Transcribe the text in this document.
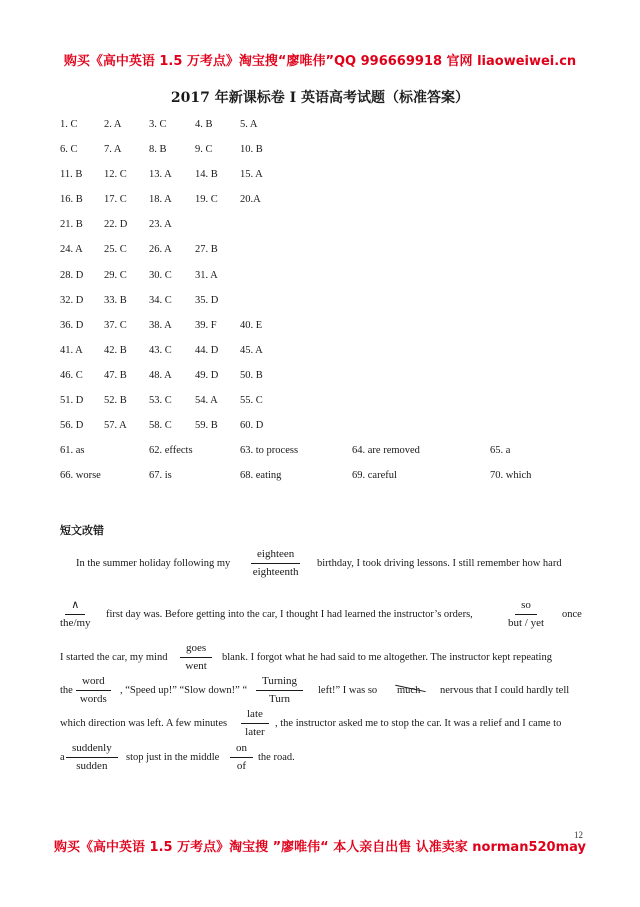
购买《高中英语 1.5 万考点》淘宝搜“廖唯伟”QQ 996669918 官网 liaoweiwei.cn
2017 年新课标卷 I 英语高考试题（标准答案）
1. C	2. A	3. C	4. B	5. A
6. C	7. A	8. B	9. C	10. B
11. B 12. C 13. A 14. B 15. A
16. B 17. C 18. A 19. C 20.A
21. B 22. D 23. A
24. A 25. C 26. A 27. B
28. D 29. C 30. C 31. A
32. D 33. B 34. C 35. D
36. D 37. C 38. A 39. F 40. E
41. A 42. B 43. C 44. D 45. A
46. C 47. B 48. A 49. D 50. B
51. D 52. B 53. C 54. A 55. C
56. D 57. A 58. C 59. B 60. D
61. as	62. effects	63. to process	64. are removed	65. a
66. worse	67. is	68. eating	69. careful	70. which
短文改错
In the summer holiday following my
eighteen
eighteenth
birthday, I took driving lessons. I still remember how hard
∧
the/my
first day was. Before getting into the car, I thought I had learned the instructor’s orders,
so
but / yet
once
I started the car, my mind
goes
went
blank. I forgot what he had said to me altogether. The instructor kept repeating
the
word
words
, “Speed up!” “Slow down!” “
Turning
Turn
left!” I was so much nervous that I could hardly tell
which direction was left. A few minutes
late
later
, the instructor asked me to stop the car. It was a relief and I came to
a
suddenly
sudden
stop just in the middle $\frac{on}{of}$ the road.
12
购买《高中英语 1.5 万考点》淘宝搜 ”廖唯伟“ 本人亲自出售 认准卖家 norman520may
